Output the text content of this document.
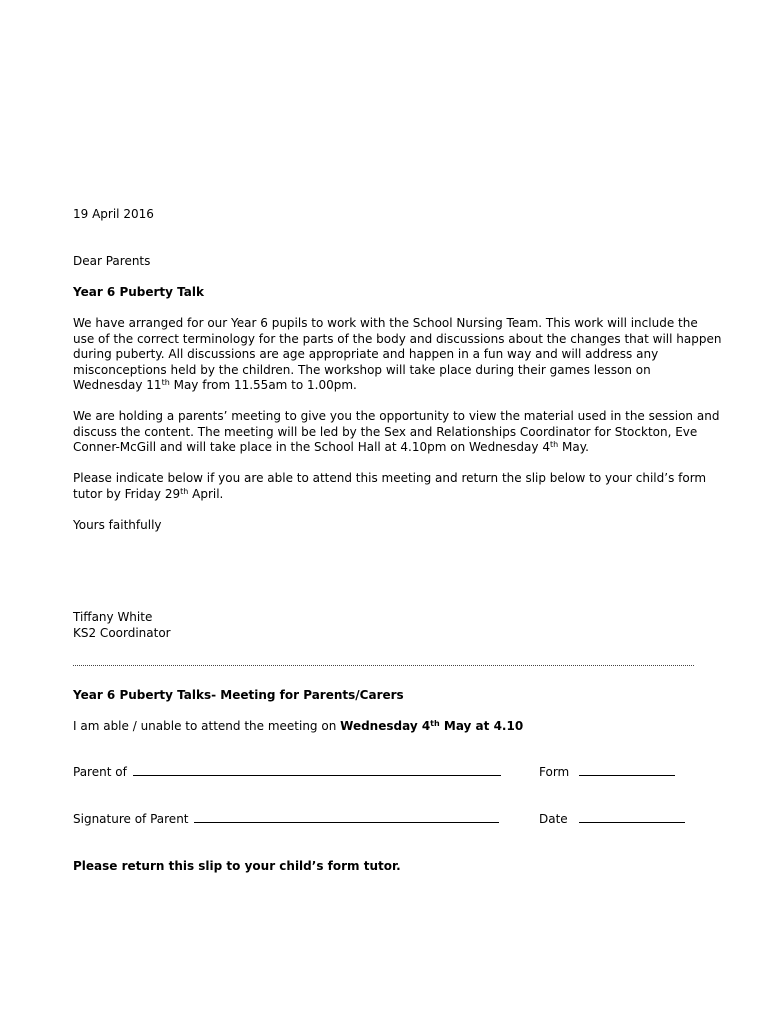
19 April 2016

Dear Parents

Year 6 Puberty Talk

We have arranged for our Year 6 pupils to work with the School Nursing Team. This work will include the

use of the correct terminology for the parts of the body and discussions about the changes that will happen

during puberty. All discussions are age appropriate and happen in a fun way and will address any

misconceptions held by the children. The workshop will take place during their games lesson on

Wednesday 11th May from 11.55am to 1.00pm.

We are holding a parents’ meeting to give you the opportunity to view the material used in the session and

discuss the content. The meeting will be led by the Sex and Relationships Coordinator for Stockton, Eve

Conner-McGill and will take place in the School Hall at 4.10pm on Wednesday 4th May.

Please indicate below if you are able to attend this meeting and return the slip below to your child’s form

tutor by Friday 29th April.

Yours faithfully

Tiffany White

KS2 Coordinator

Year 6 Puberty Talks- Meeting for Parents/Carers

I am able / unable to attend the meeting on Wednesday 4th May at 4.10

Parent of	Form
Signature of Parent	Date

Please return this slip to your child’s form tutor.
